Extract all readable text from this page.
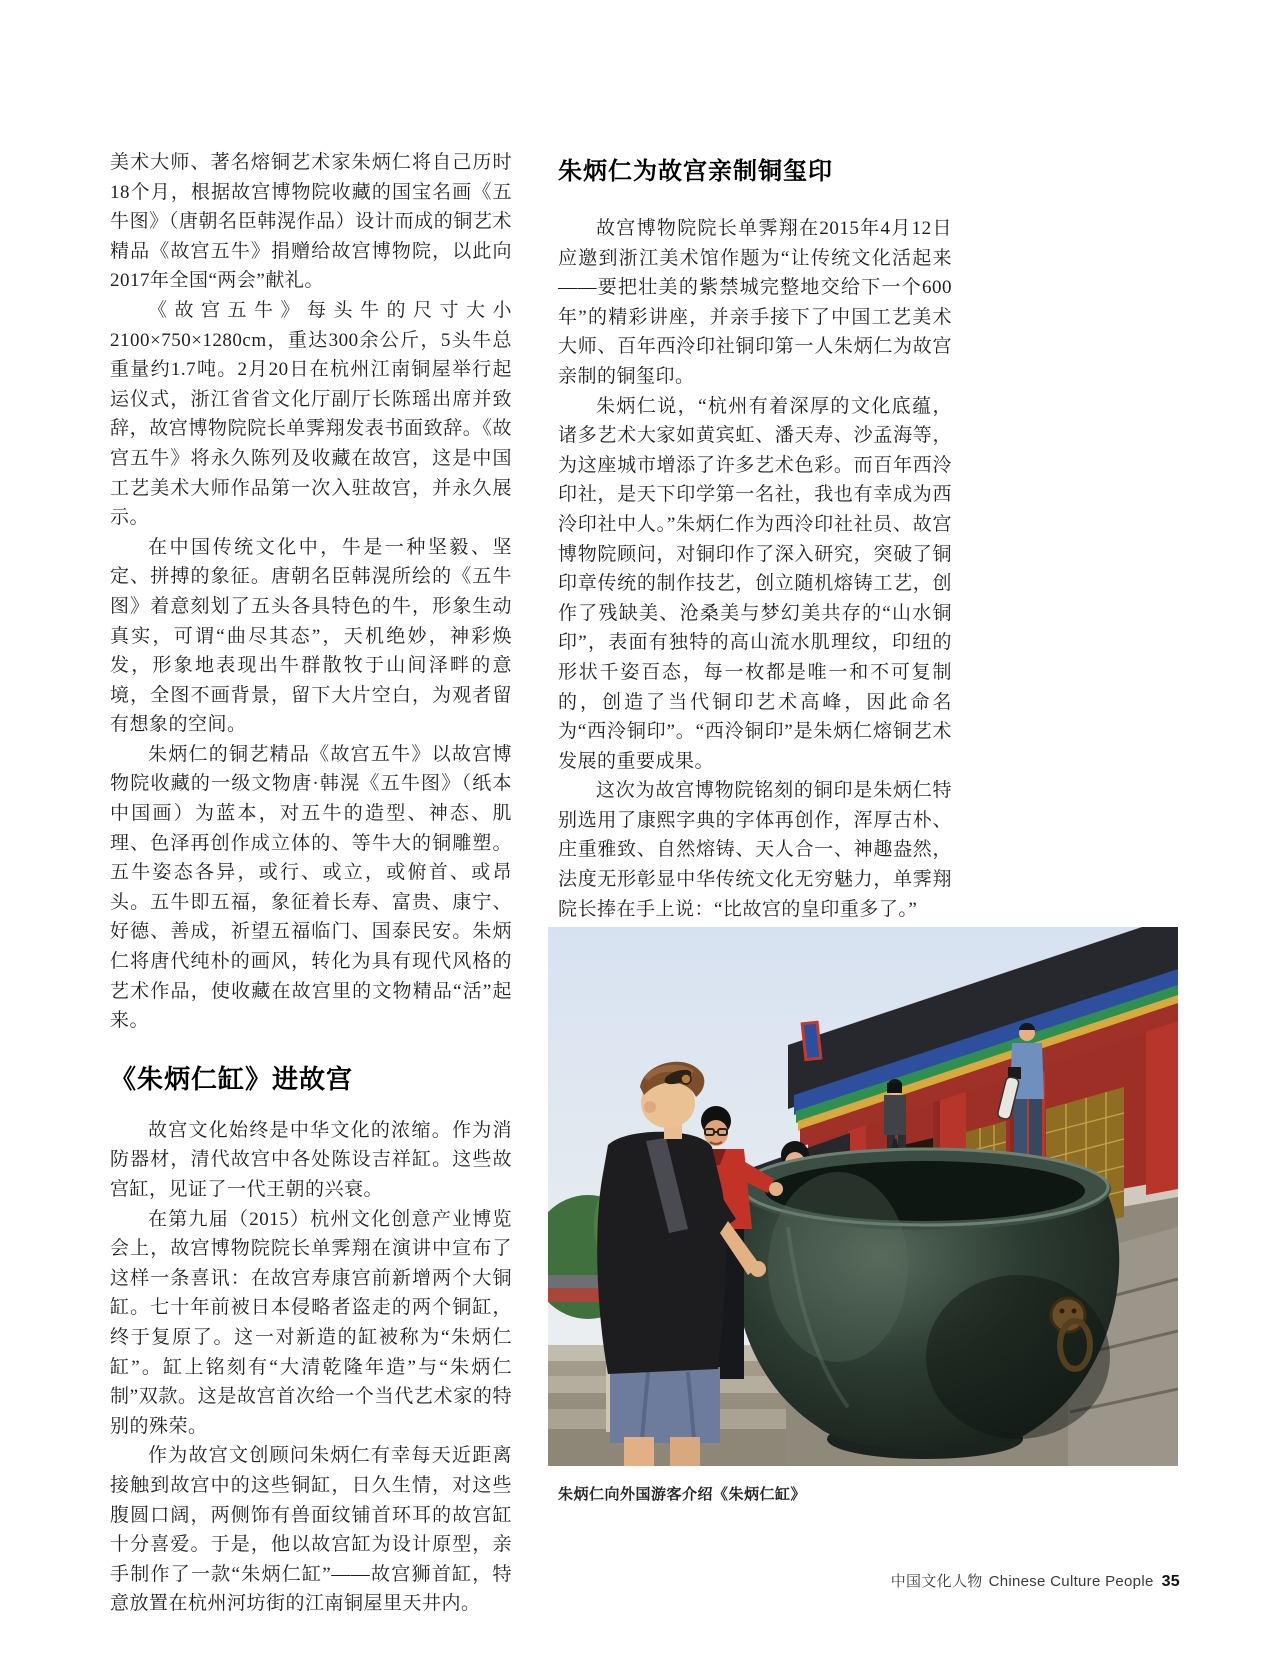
美术大师、著名熔铜艺术家朱炳仁将自己历时18个月，根据故宫博物院收藏的国宝名画《五牛图》（唐朝名臣韩滉作品）设计而成的铜艺术精品《故宫五牛》捐赠给故宫博物院，以此向2017年全国“两会”献礼。

《故宫五牛》每头牛的尺寸大小2100×750×1280cm，重达300余公斤，5头牛总重量约1.7吨。2月20日在杭州江南铜屋举行起运仪式，浙江省省文化厅副厅长陈瑶出席并致辞，故宫博物院院长单霁翔发表书面致辞。《故宫五牛》将永久陈列及收藏在故宫，这是中国工艺美术大师作品第一次入驻故宫，并永久展示。

在中国传统文化中，牛是一种坚毅、坚定、拼搏的象征。唐朝名臣韩滉所绘的《五牛图》着意刻划了五头各具特色的牛，形象生动真实，可谓“曲尽其态”，天机绝妙，神彩焕发，形象地表现出牛群散牧于山间泽畔的意境，全图不画背景，留下大片空白，为观者留有想象的空间。

朱炳仁的铜艺精品《故宫五牛》以故宫博物院收藏的一级文物唐·韩滉《五牛图》（纸本中国画）为蓝本，对五牛的造型、神态、肌理、色泽再创作成立体的、等牛大的铜雕塑。五牛姿态各异，或行、或立，或俯首、或昂头。五牛即五福，象征着长寿、富贵、康宁、好德、善成，祈望五福临门、国泰民安。朱炳仁将唐代纯朴的画风，转化为具有现代风格的艺术作品，使收藏在故宫里的文物精品“活”起来。

《朱炳仁缸》进故宫

故宫文化始终是中华文化的浓缩。作为消防器材，清代故宫中各处陈设吉祥缸。这些故宫缸，见证了一代王朝的兴衰。

在第九届（2015）杭州文化创意产业博览会上，故宫博物院院长单霁翔在演讲中宣布了这样一条喜讯：在故宫寿康宫前新增两个大铜缸。七十年前被日本侵略者盗走的两个铜缸，终于复原了。这一对新造的缸被称为“朱炳仁缸”。缸上铭刻有“大清乾隆年造”与“朱炳仁制”双款。这是故宫首次给一个当代艺术家的特别的殊荣。

作为故宫文创顾问朱炳仁有幸每天近距离接触到故宫中的这些铜缸，日久生情，对这些腹圆口阔，两侧饰有兽面纹铺首环耳的故宫缸十分喜爱。于是，他以故宫缸为设计原型，亲手制作了一款“朱炳仁缸”——故宫狮首缸，特意放置在杭州河坊街的江南铜屋里天井内。

朱炳仁为故宫亲制铜玺印

故宫博物院院长单霁翔在2015年4月12日应邀到浙江美术馆作题为“让传统文化活起来——要把壮美的紫禁城完整地交给下一个600年”的精彩讲座，并亲手接下了中国工艺美术大师、百年西泠印社铜印第一人朱炳仁为故宫亲制的铜玺印。

朱炳仁说，“杭州有着深厚的文化底蕴，诸多艺术大家如黄宾虹、潘天寿、沙孟海等，为这座城市增添了许多艺术色彩。而百年西泠印社，是天下印学第一名社，我也有幸成为西泠印社中人。”朱炳仁作为西泠印社社员、故宫博物院顾问，对铜印作了深入研究，突破了铜印章传统的制作技艺，创立随机熔铸工艺，创作了残缺美、沧桑美与梦幻美共存的“山水铜印”，表面有独特的高山流水肌理纹，印纽的形状千姿百态，每一枚都是唯一和不可复制的，创造了当代铜印艺术高峰，因此命名为“西泠铜印”。“西泠铜印”是朱炳仁熔铜艺术发展的重要成果。

这次为故宫博物院铭刻的铜印是朱炳仁特别选用了康熙字典的字体再创作，浑厚古朴、庄重雅致、自然熔铸、天人合一、神趣盎然，法度无形彰显中华传统文化无穷魅力，单霁翔院长捧在手上说：“比故宫的皇印重多了。”

朱炳仁向外国游客介绍《朱炳仁缸》
中国文化人物 Chinese Culture People 35
